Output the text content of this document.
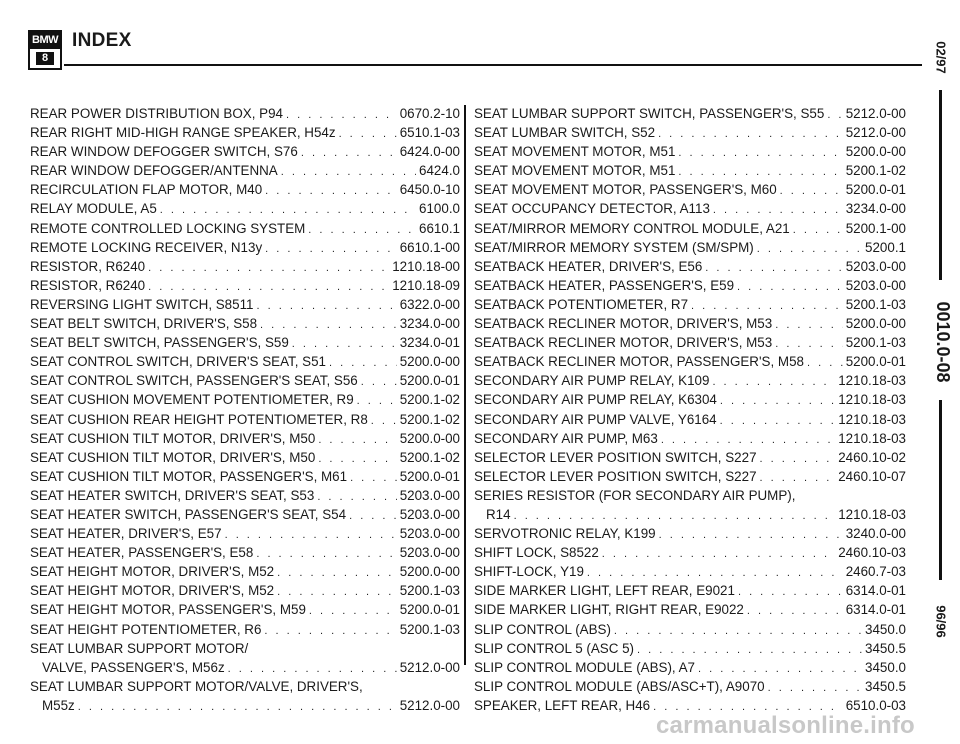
BMW
8
INDEX
REAR POWER DISTRIBUTION BOX, P94 . . .	0670.2-10
REAR RIGHT MID-HIGH RANGE SPEAKER, H54z . . .	6510.1-03
REAR WINDOW DEFOGGER SWITCH, S76 . . .	6424.0-00
REAR WINDOW DEFOGGER/ANTENNA . . .	6424.0
RECIRCULATION FLAP MOTOR, M40 . . .	6450.0-10
RELAY MODULE, A5 . . .	6100.0
REMOTE CONTROLLED LOCKING SYSTEM . . .	6610.1
REMOTE LOCKING RECEIVER, N13y . . .	6610.1-00
RESISTOR, R6240 . . .	1210.18-00
RESISTOR, R6240 . . .	1210.18-09
REVERSING LIGHT SWITCH, S8511 . . .	6322.0-00
SEAT BELT SWITCH, DRIVER'S, S58 . . .	3234.0-00
SEAT BELT SWITCH, PASSENGER'S, S59 . . .	3234.0-01
SEAT CONTROL SWITCH, DRIVER'S SEAT, S51 . . .	5200.0-00
SEAT CONTROL SWITCH, PASSENGER'S SEAT, S56 . . .	5200.0-01
SEAT CUSHION MOVEMENT POTENTIOMETER, R9 . . .	5200.1-02
SEAT CUSHION REAR HEIGHT POTENTIOMETER, R8 . . . 5200.1-02
SEAT CUSHION TILT MOTOR, DRIVER'S, M50 . . .	5200.0-00
SEAT CUSHION TILT MOTOR, DRIVER'S, M50 . . .	5200.1-02
SEAT CUSHION TILT MOTOR, PASSENGER'S, M61 . . .	5200.0-01
SEAT HEATER SWITCH, DRIVER'S SEAT, S53 . . .	5203.0-00
SEAT HEATER SWITCH, PASSENGER'S SEAT, S54 . . .	5203.0-00
SEAT HEATER, DRIVER'S, E57 . . .	5203.0-00
SEAT HEATER, PASSENGER'S, E58 . . .	5203.0-00
SEAT HEIGHT MOTOR, DRIVER'S, M52 . . .	5200.0-00
SEAT HEIGHT MOTOR, DRIVER'S, M52 . . .	5200.1-03
SEAT HEIGHT MOTOR, PASSENGER'S, M59 . . .	5200.0-01
SEAT HEIGHT POTENTIOMETER, R6 . . .	5200.1-03
SEAT LUMBAR SUPPORT MOTOR/
VALVE, PASSENGER'S, M56z . . .	5212.0-00
SEAT LUMBAR SUPPORT MOTOR/VALVE, DRIVER'S,
M55z . . .	5212.0-00
SEAT LUMBAR SUPPORT SWITCH, PASSENGER'S, S55 . . . 5212.0-00
SEAT LUMBAR SWITCH, S52 . . .	5212.0-00
SEAT MOVEMENT MOTOR, M51 . . .	5200.0-00
SEAT MOVEMENT MOTOR, M51 . . .	5200.1-02
SEAT MOVEMENT MOTOR, PASSENGER'S, M60 . . .	5200.0-01
SEAT OCCUPANCY DETECTOR, A113 . . .	3234.0-00
SEAT/MIRROR MEMORY CONTROL MODULE, A21 . . .	5200.1-00
SEAT/MIRROR MEMORY SYSTEM (SM/SPM) . . .	5200.1
SEATBACK HEATER, DRIVER'S, E56 . . .	5203.0-00
SEATBACK HEATER, PASSENGER'S, E59 . . .	5203.0-00
SEATBACK POTENTIOMETER, R7 . . .	5200.1-03
SEATBACK RECLINER MOTOR, DRIVER'S, M53 . . .	5200.0-00
SEATBACK RECLINER MOTOR, DRIVER'S, M53 . . .	5200.1-03
SEATBACK RECLINER MOTOR, PASSENGER'S, M58 . . .	5200.0-01
SECONDARY AIR PUMP RELAY, K109 . . .	1210.18-03
SECONDARY AIR PUMP RELAY, K6304 . . .	1210.18-03
SECONDARY AIR PUMP VALVE, Y6164 . . .	1210.18-03
SECONDARY AIR PUMP, M63 . . .	1210.18-03
SELECTOR LEVER POSITION SWITCH, S227 . . .	2460.10-02
SELECTOR LEVER POSITION SWITCH, S227 . . .	2460.10-07
SERIES RESISTOR (FOR SECONDARY AIR PUMP),
R14 . . .	1210.18-03
SERVOTRONIC RELAY, K199 . . .	3240.0-00
SHIFT LOCK, S8522 . . .	2460.10-03
SHIFT-LOCK, Y19 . . .	2460.7-03
SIDE MARKER LIGHT, LEFT REAR, E9021 . . .	6314.0-01
SIDE MARKER LIGHT, RIGHT REAR, E9022 . . .	6314.0-01
SLIP CONTROL (ABS) . . .	3450.0
SLIP CONTROL 5 (ASC 5) . . .	3450.5
SLIP CONTROL MODULE (ABS), A7 . . .	3450.0
SLIP CONTROL MODULE (ABS/ASC+T), A9070 . . .	3450.5
SPEAKER, LEFT REAR, H46 . . .	6510.0-03
02/97
0010.0-08
96/96
carmanualsonline.info
